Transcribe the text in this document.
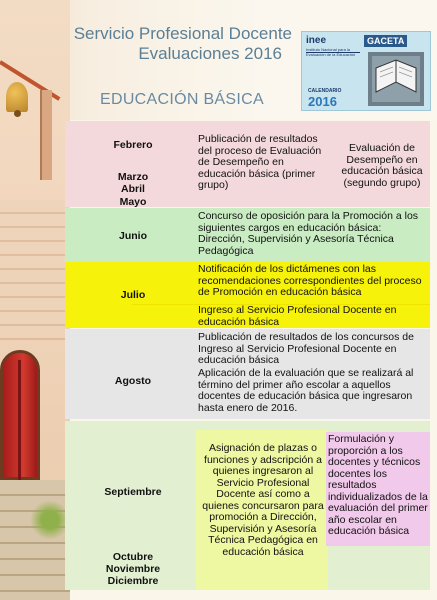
Servicio Profesional Docente
Evaluaciones 2016
EDUCACIÓN BÁSICA
inee
Instituto Nacional para la Evaluación de la Educación
GACETA
CALENDARIO
2016
Febrero
Marzo
Abril
Mayo
Publicación de resultados del proceso de Evaluación de Desempeño en educación básica (primer grupo)
Evaluación de Desempeño en educación básica (segundo grupo)
Junio
Concurso de oposición para la Promoción a los siguientes cargos en educación básica: Dirección, Supervisión y Asesoría Técnica Pedagógica
Julio
Notificación de los dictámenes con las recomendaciones correspondientes del proceso de Promoción en educación básica
Ingreso al Servicio Profesional Docente en educación básica
Agosto
Publicación de resultados de los concursos de Ingreso al Servicio Profesional Docente en educación básica
Aplicación de la evaluación que se realizará al término del primer año escolar a aquellos docentes de educación básica que ingresaron hasta enero de 2016.
Septiembre
Octubre
Noviembre
Diciembre
Asignación de plazas o funciones y adscripción a quienes ingresaron al Servicio Profesional Docente así como a quienes concursaron para promoción a Dirección, Supervisión y Asesoría Técnica Pedagógica en educación básica
Formulación y proporción a los docentes y técnicos docentes los resultados individualizados de la evaluación del primer año escolar en educación básica
